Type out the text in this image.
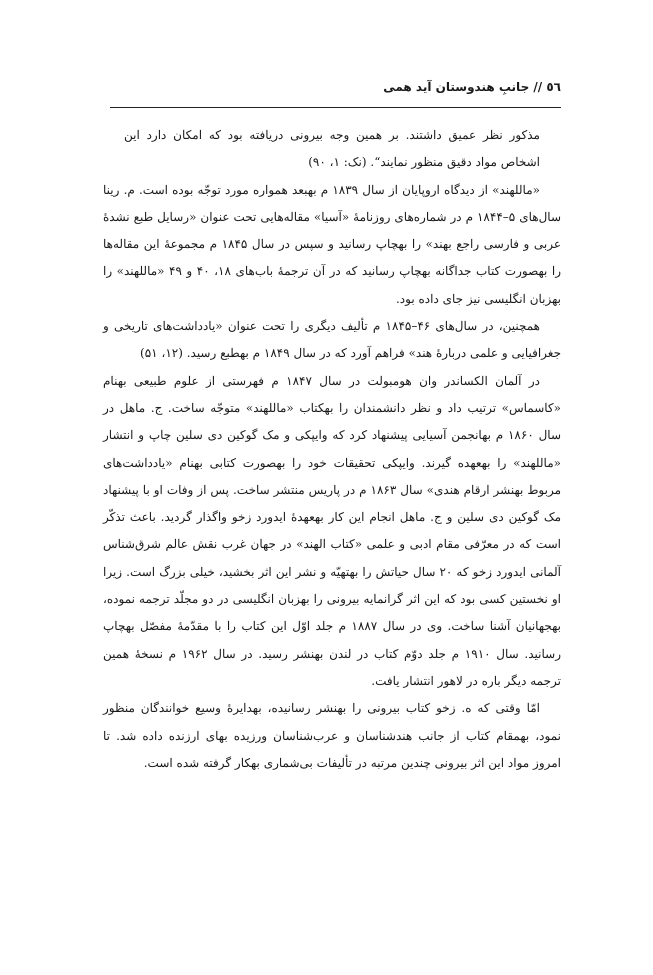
٥٦ // جانبِ هندوستان آید همی

مذکور نظر عمیق داشتند. بر همین وجه بیرونی دریافته بود که امکان دارد این اشخاص مواد دقیق منظور نمایند“. (نک: ۱، ۹۰)

«ماللهند» از دیدگاه اروپایان از سال ۱۸۳۹ م بهبعد همواره مورد توجّه بوده است. م. رینا سال‌های ۵–۱۸۴۴ م در شماره‌های روزنامهٔ «آسیا» مقاله‌هایی تحت عنوان «رسایل طبع نشدهٔ عربی و فارسی راجع بهند» را بهچاپ رسانید و سپس در سال ۱۸۴۵ م مجموعهٔ این مقاله‌ها را بهصورت کتاب جداگانه بهچاپ رسانید که در آن ترجمهٔ باب‌های ۱۸، ۴۰ و ۴۹ «ماللهند» را بهزبان انگلیسی نیز جای داده بود.

همچنین، در سال‌های ۴۶–۱۸۴۵ م تألیف دیگری را تحت عنوان «یادداشت‌های تاریخی و جغرافیایی و علمی دربارهٔ هند» فراهم آورد که در سال ۱۸۴۹ م بهطبع رسید. (۱۲، ۵۱)

در آلمان الکساندر وان هومبولت در سال ۱۸۴۷ م فهرستی از علوم طبیعی بهنام «کاسماس» ترتیب داد و نظر دانشمندان را بهکتاب «ماللهند» متوجّه ساخت. ج. ماهل در سال ۱۸۶۰ م بهانجمن آسیایی پیشنهاد کرد که وایپکی و مک گوکین دی سلین چاپ و انتشار «ماللهند» را بهعهده گیرند. وایپکی تحقیقات خود را بهصورت کتابی بهنام «یادداشت‌های مربوط بهنشر ارقام هندی» سال ۱۸۶۳ م در پاریس منتشر ساخت. پس از وفات او با پیشنهاد مک گوکین دی سلین و ج. ماهل انجام این کار بهعهدهٔ ایدورد زخو واگذار گردید. باعث تذکّر است که در معرّفی مقام ادبی و علمی «کتاب الهند» در جهان غرب نقش عالم شرق‌شناس آلمانی ایدورد زخو که ۲۰ سال حیاتش را بهتهیّه و نشر این اثر بخشید، خیلی بزرگ است. زیرا او نخستین کسی بود که این اثر گرانمایه بیرونی را بهزبان انگلیسی در دو مجلّد ترجمه نموده، بهجهانیان آشنا ساخت. وی در سال ۱۸۸۷ م جلد اوّل این کتاب را با مقدّمهٔ مفصّل بهچاپ رسانید. سال ۱۹۱۰ م جلد دوّم کتاب در لندن بهنشر رسید. در سال ۱۹۶۲ م نسخهٔ همین ترجمه دیگر باره در لاهور انتشار یافت.

امّا وقتی که ه. زخو کتاب بیرونی را بهنشر رسانیده، بهدایرهٔ وسیع خوانندگان منظور نمود، بهمقام کتاب از جانب هندشناسان و عرب‌شناسان ورزیده بهای ارزنده داده شد. تا امروز مواد این اثر بیرونی چندین مرتبه در تألیفات بی‌شماری بهکار گرفته شده است.
